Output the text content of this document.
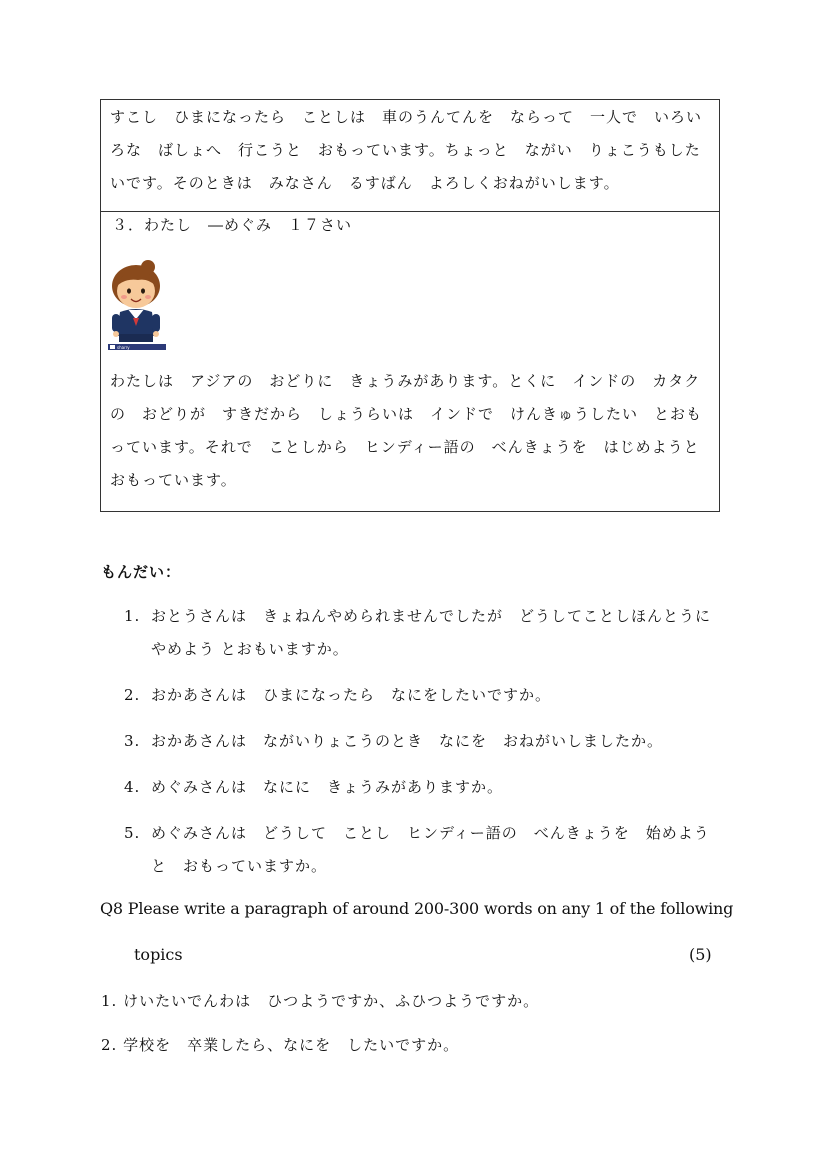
すこし　ひまになったら　ことしは　車のうんてんを　ならって　一人で　いろいろな　ばしょへ　行こうと　おもっています。ちょっと　ながい　りょこうもしたいです。そのときは　みなさん　るすばん　よろしくおねがいします。

３．わたし　―めぐみ　１７さい

sharry

わたしは　アジアの　おどりに　きょうみがあります。とくに　インドの　カタクの　おどりが　すきだから　しょうらいは　インドで　けんきゅうしたい　とおもっています。それで　ことしから　ヒンディー語の　べんきょうを　はじめようと　おもっています。

もんだい：

1. おとうさんは　きょねんやめられませんでしたが　どうしてことしほんとうに　やめよう とおもいますか。
2. おかあさんは　ひまになったら　なにをしたいですか。
3. おかあさんは　ながいりょこうのとき　なにを　おねがいしましたか。
4. めぐみさんは　なにに　きょうみがありますか。
5. めぐみさんは　どうして　ことし　ヒンディー語の　べんきょうを　始めようと　おもっていますか。

Q8 Please write a paragraph of around 200-300 words on any 1 of the following

topics	(5)

1. けいたいでんわは　ひつようですか、ふひつようですか。

2. 学校を　卒業したら、なにを　したいですか。
